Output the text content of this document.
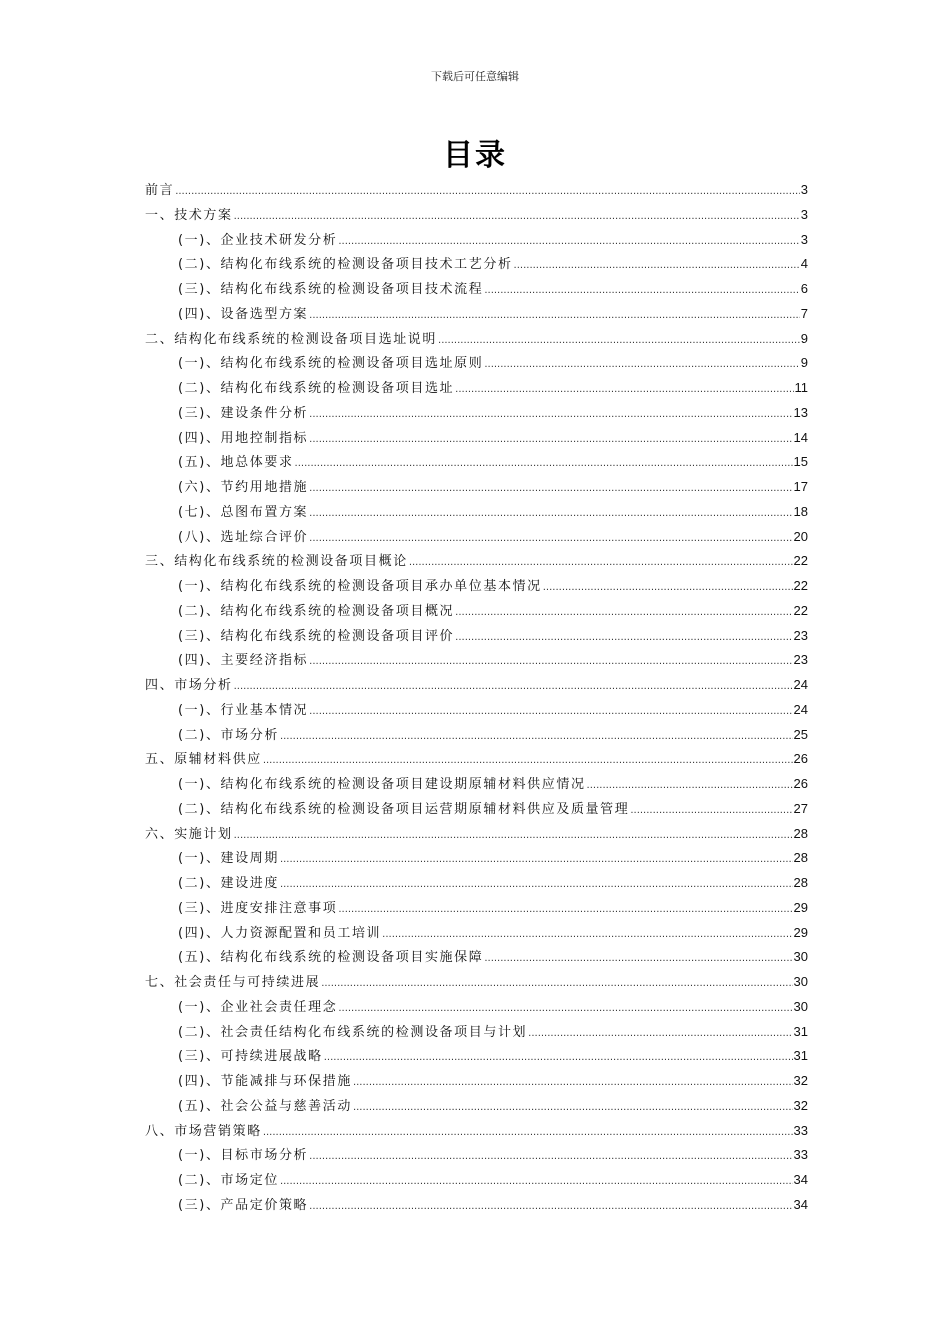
下载后可任意编辑
目录
前言 .....	3
一、技术方案 .....	3
(一)、企业技术研发分析 .....	3
(二)、结构化布线系统的检测设备项目技术工艺分析 .....	4
(三)、结构化布线系统的检测设备项目技术流程 .....	6
(四)、设备选型方案 .....	7
二、结构化布线系统的检测设备项目选址说明 .....	9
(一)、结构化布线系统的检测设备项目选址原则 .....	9
(二)、结构化布线系统的检测设备项目选址 .....	11
(三)、建设条件分析 .....	13
(四)、用地控制指标 .....	14
(五)、地总体要求 .....	15
(六)、节约用地措施 .....	17
(七)、总图布置方案 .....	18
(八)、选址综合评价 .....	20
三、结构化布线系统的检测设备项目概论 .....	22
(一)、结构化布线系统的检测设备项目承办单位基本情况 .....	22
(二)、结构化布线系统的检测设备项目概况 .....	22
(三)、结构化布线系统的检测设备项目评价 .....	23
(四)、主要经济指标 .....	23
四、市场分析 .....	24
(一)、行业基本情况 .....	24
(二)、市场分析 .....	25
五、原辅材料供应 .....	26
(一)、结构化布线系统的检测设备项目建设期原辅材料供应情况 .....	26
(二)、结构化布线系统的检测设备项目运营期原辅材料供应及质量管理 .....	27
六、实施计划 .....	28
(一)、建设周期 .....	28
(二)、建设进度 .....	28
(三)、进度安排注意事项 .....	29
(四)、人力资源配置和员工培训 .....	29
(五)、结构化布线系统的检测设备项目实施保障 .....	30
七、社会责任与可持续进展 .....	30
(一)、企业社会责任理念 .....	30
(二)、社会责任结构化布线系统的检测设备项目与计划 .....	31
(三)、可持续进展战略 .....	31
(四)、节能减排与环保措施 .....	32
(五)、社会公益与慈善活动 .....	32
八、市场营销策略 .....	33
(一)、目标市场分析 .....	33
(二)、市场定位 .....	34
(三)、产品定价策略 .....	34
